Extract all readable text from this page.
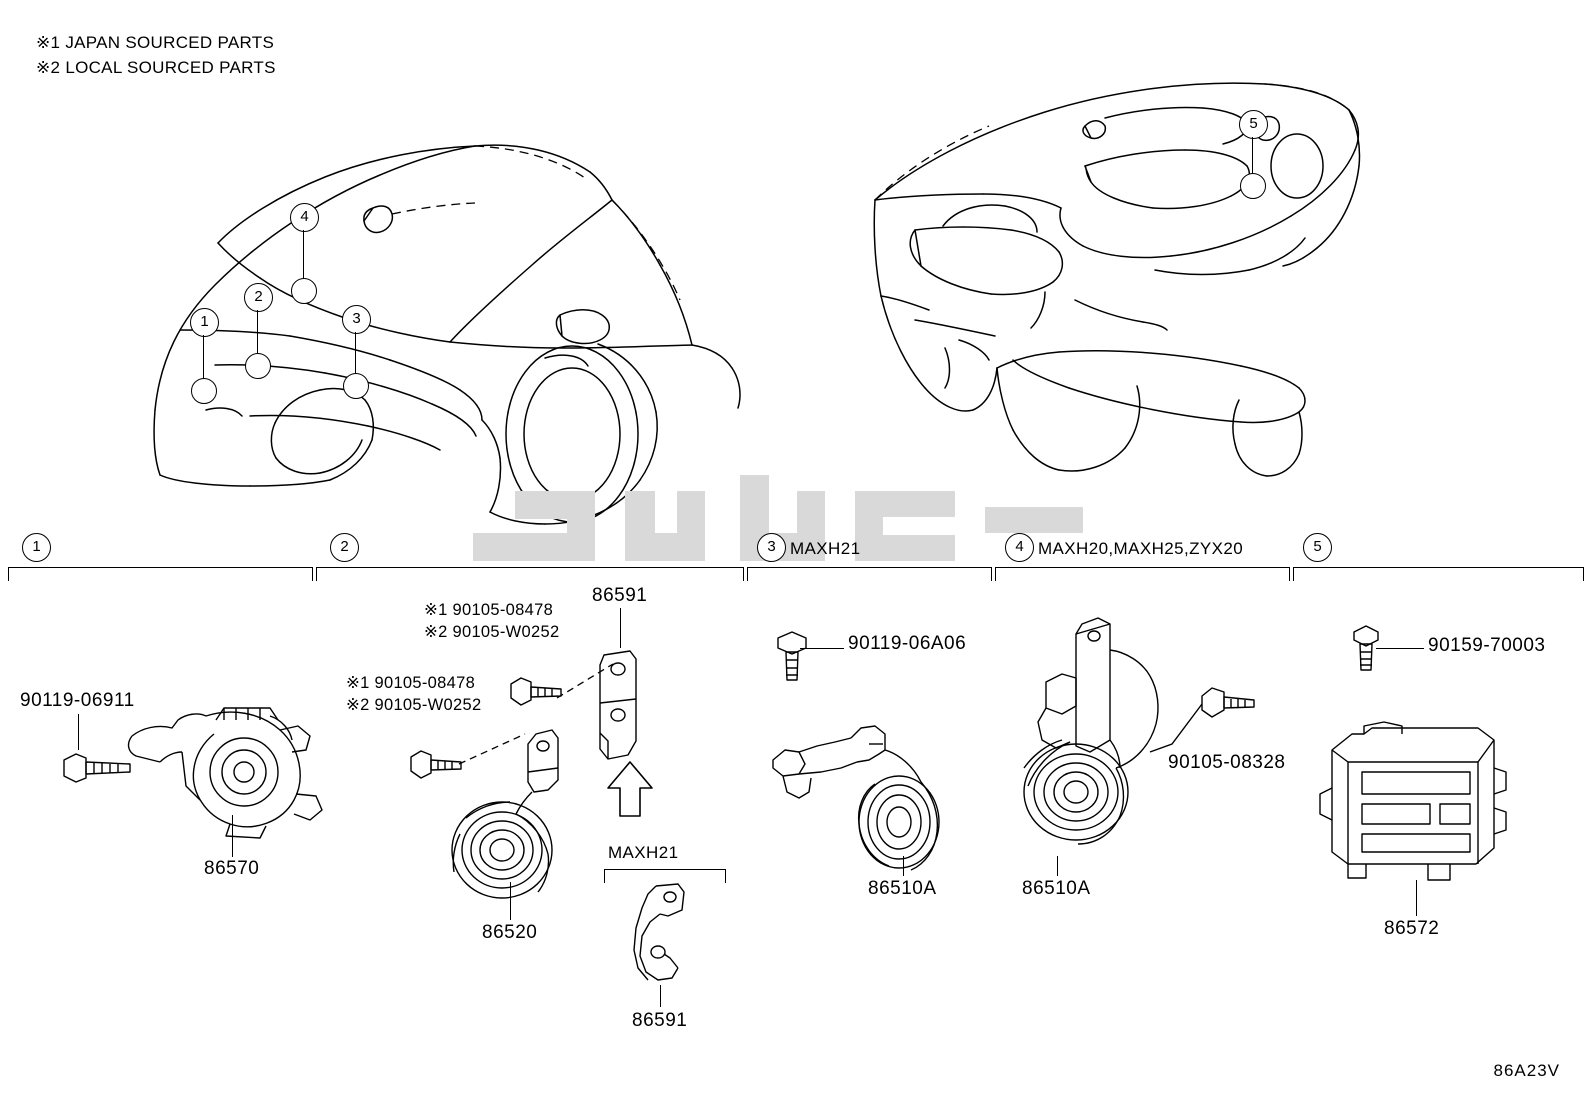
※1 JAPAN SOURCED PARTS
※2 LOCAL SOURCED PARTS
4
2
1	3
5
1	2	3 MAXH21	4 MAXH20,MAXH25,ZYX20	5
90119-06911
86570
86591
※1 90105-08478
※2 90105-W0252
※1 90105-08478
※2 90105-W0252
86520
MAXH21
86591
90119-06A06
86510A	86510A
90105-08328
90159-70003
86572
86A23V
